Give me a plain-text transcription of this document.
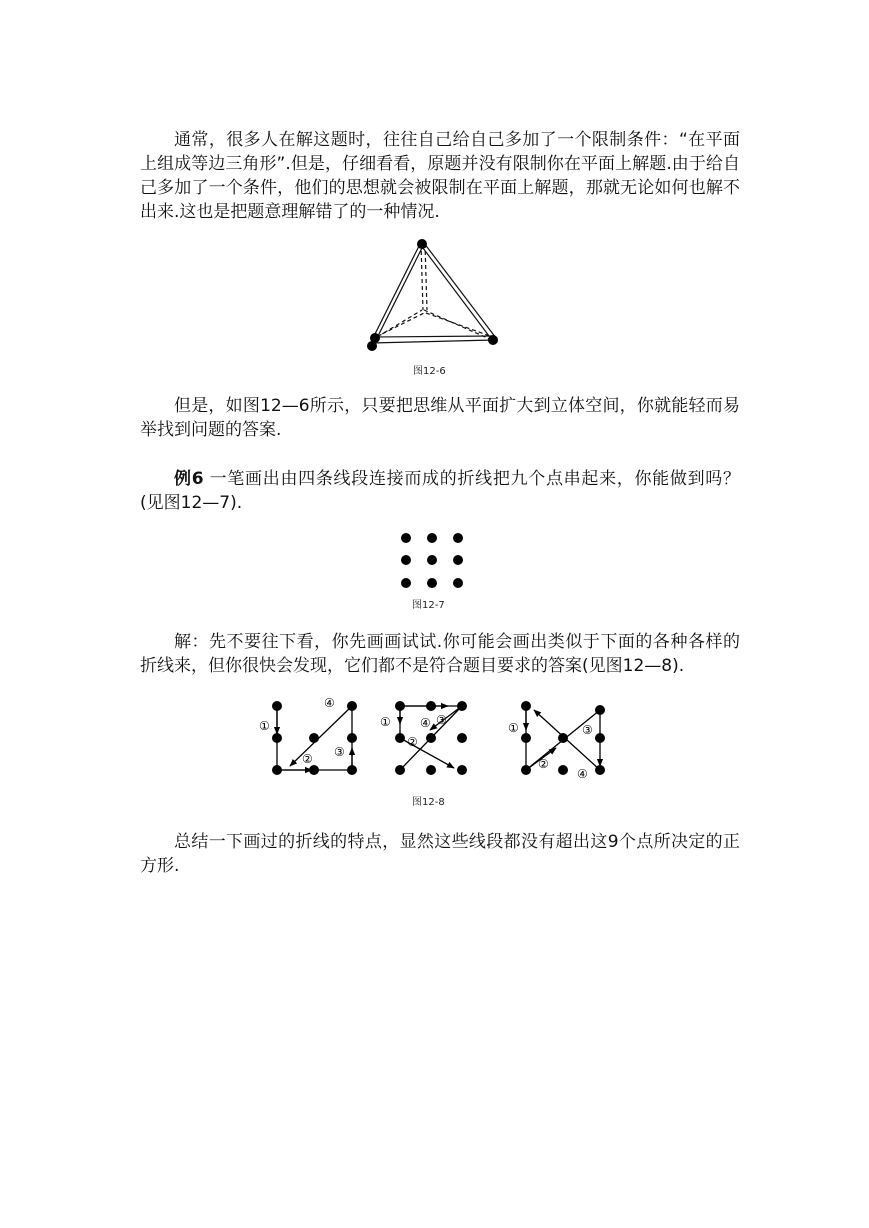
通常，很多人在解这题时，往往自己给自己多加了一个限制条件：“在平面上组成等边三角形”.但是，仔细看看，原题并没有限制你在平面上解题.由于给自己多加了一个条件，他们的思想就会被限制在平面上解题，那就无论如何也解不出来.这也是把题意理解错了的一种情况.

图12-6

但是，如图12—6所示，只要把思维从平面扩大到立体空间，你就能轻而易举找到问题的答案.

例6 一笔画出由四条线段连接而成的折线把九个点串起来，你能做到吗？(见图12—7).

图12-7

解：先不要往下看，你先画画试试.你可能会画出类似于下面的各种各样的折线来，但你很快会发现，它们都不是符合题目要求的答案(见图12—8).

①
② ③
④
①
②
③
④	①
②
③
④
图12-8

总结一下画过的折线的特点，显然这些线段都没有超出这9个点所决定的正方形.
